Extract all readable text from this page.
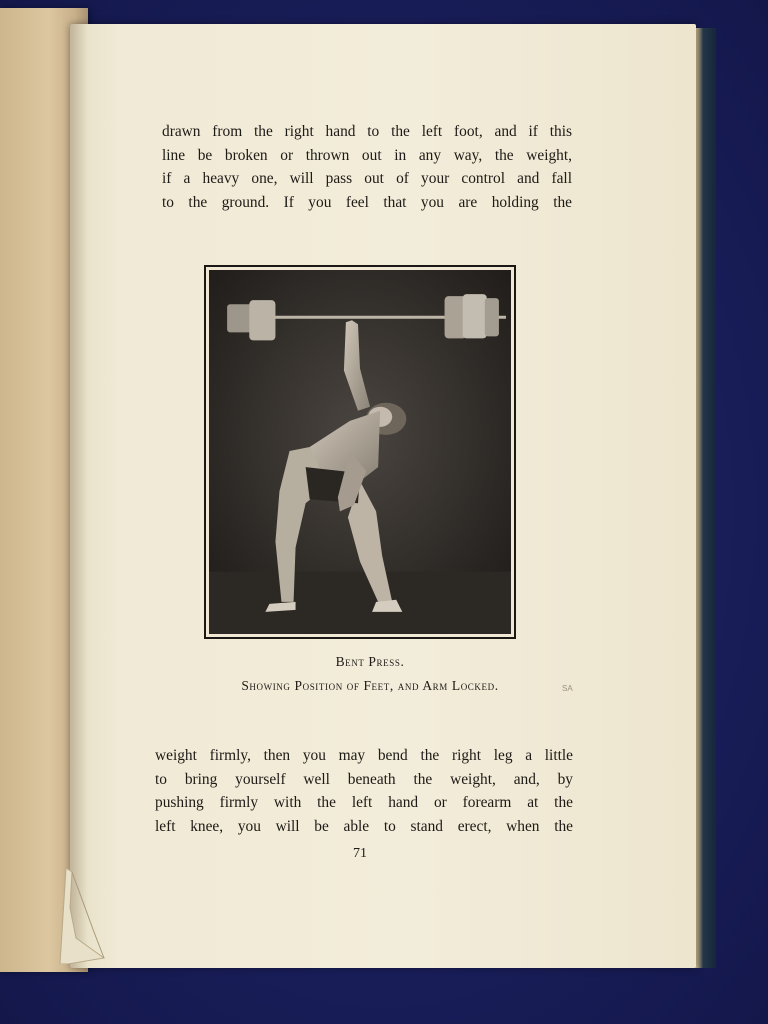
drawn from the right hand to the left foot, and if this
line be broken or thrown out in any way, the weight,
if a heavy one, will pass out of your control and fall
to the ground. If you feel that you are holding the
Bent Press.
Showing Position of Feet, and Arm Locked.	SA
weight firmly, then you may bend the right leg a little
to bring yourself well beneath the weight, and, by
pushing firmly with the left hand or forearm at the
left knee, you will be able to stand erect, when the
71
